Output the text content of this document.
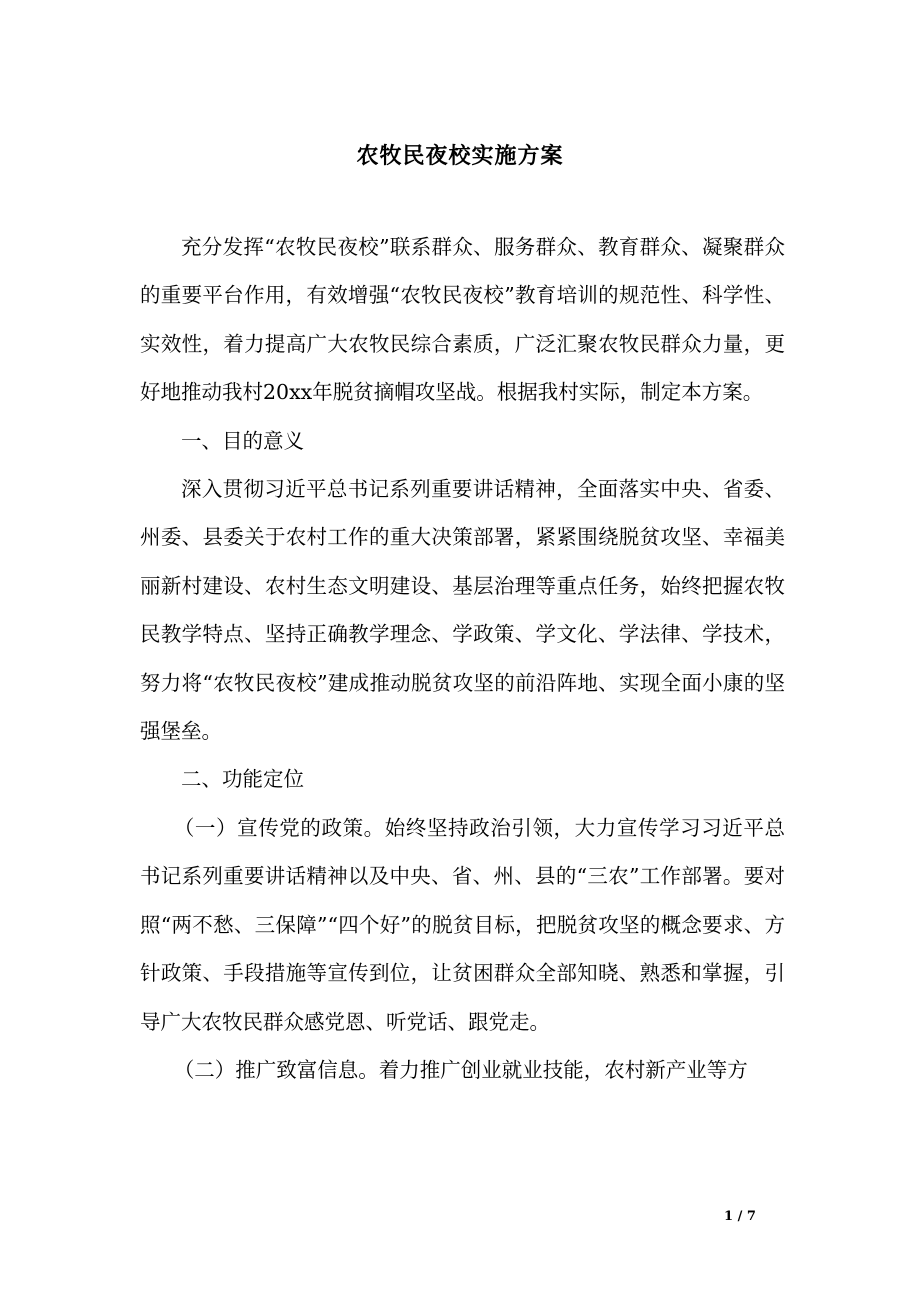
农牧民夜校实施方案

充分发挥“农牧民夜校”联系群众、服务群众、教育群众、凝聚群众的重要平台作用，有效增强“农牧民夜校”教育培训的规范性、科学性、实效性，着力提高广大农牧民综合素质，广泛汇聚农牧民群众力量，更好地推动我村20xx年脱贫摘帽攻坚战。根据我村实际，制定本方案。

一、目的意义

深入贯彻习近平总书记系列重要讲话精神，全面落实中央、省委、州委、县委关于农村工作的重大决策部署，紧紧围绕脱贫攻坚、幸福美丽新村建设、农村生态文明建设、基层治理等重点任务，始终把握农牧民教学特点、坚持正确教学理念、学政策、学文化、学法律、学技术，努力将“农牧民夜校”建成推动脱贫攻坚的前沿阵地、实现全面小康的坚强堡垒。

二、功能定位

（一）宣传党的政策。始终坚持政治引领，大力宣传学习习近平总书记系列重要讲话精神以及中央、省、州、县的“三农”工作部署。要对照“两不愁、三保障”“四个好”的脱贫目标，把脱贫攻坚的概念要求、方针政策、手段措施等宣传到位，让贫困群众全部知晓、熟悉和掌握，引导广大农牧民群众感党恩、听党话、跟党走。

（二）推广致富信息。着力推广创业就业技能，农村新产业等方

1 / 7
